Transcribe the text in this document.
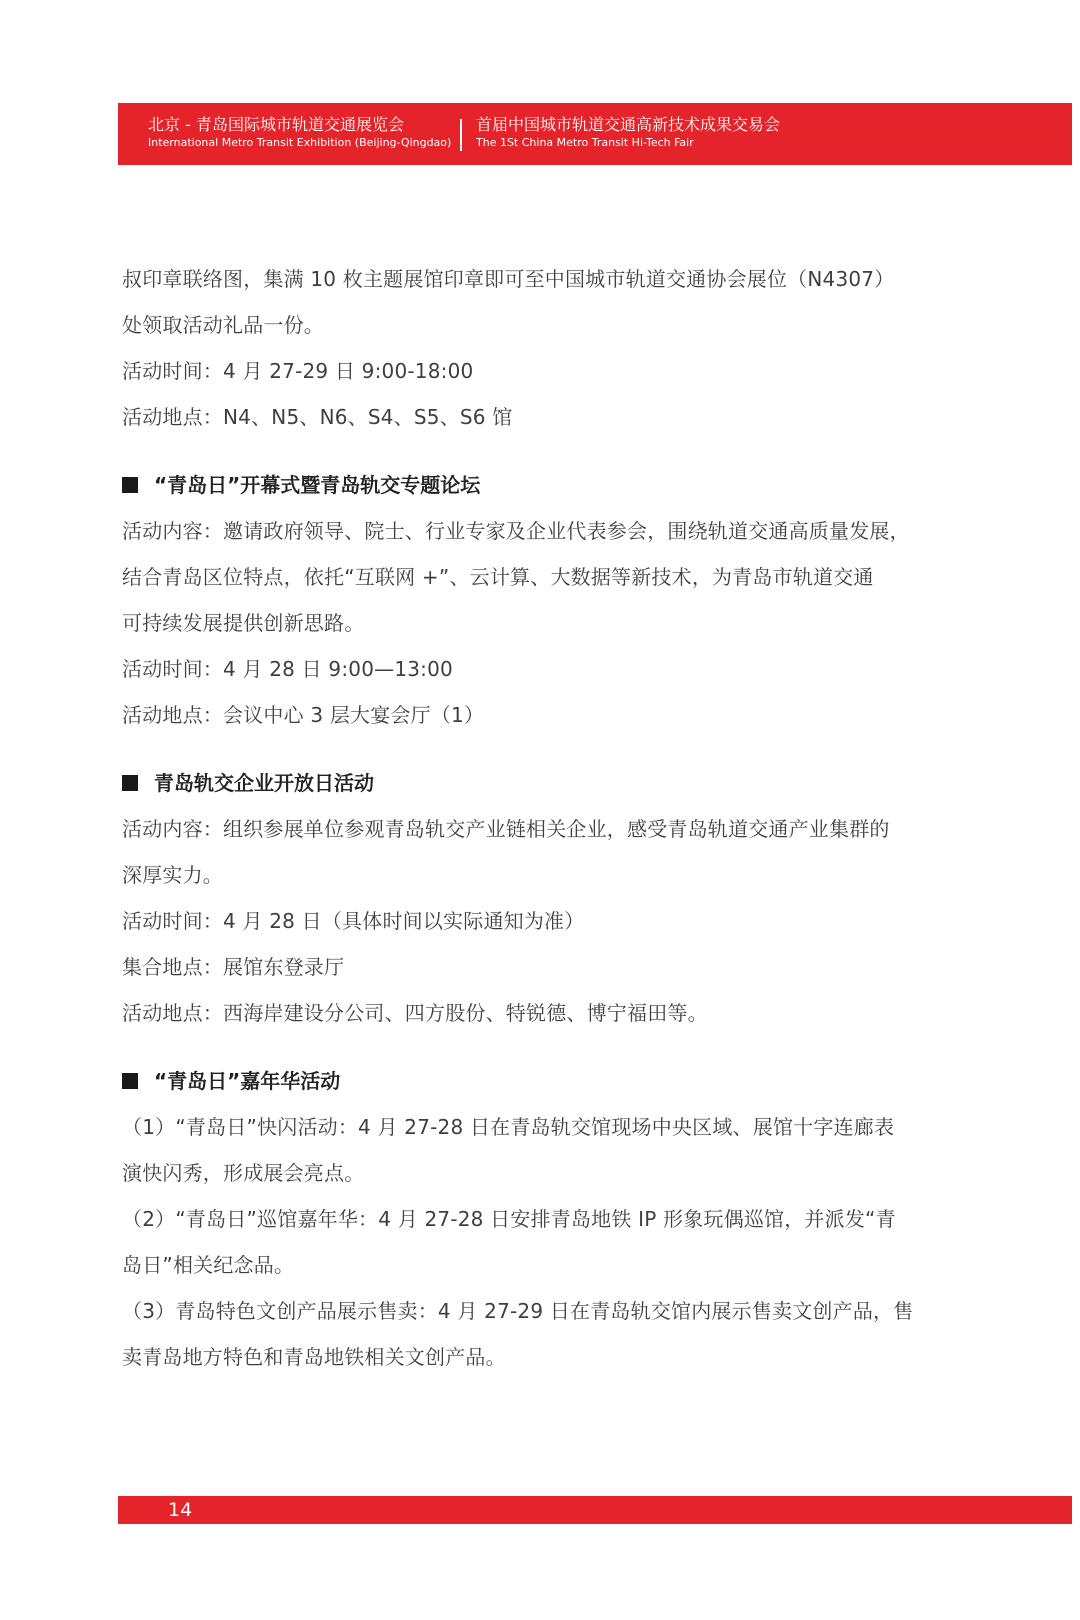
北京 - 青岛国际城市轨道交通展览会
International Metro Transit Exhibition (Beijing-Qingdao)
首届中国城市轨道交通高新技术成果交易会
The 1St China Metro Transit Hi-Tech Fair

叔印章联络图，集满 10 枚主题展馆印章即可至中国城市轨道交通协会展位（N4307）

处领取活动礼品一份。

活动时间：4 月 27-29 日 9:00-18:00

活动地点：N4、N5、N6、S4、S5、S6 馆

“青岛日”开幕式暨青岛轨交专题论坛

活动内容：邀请政府领导、院士、行业专家及企业代表参会，围绕轨道交通高质量发展，

结合青岛区位特点，依托“互联网 +”、云计算、大数据等新技术，为青岛市轨道交通

可持续发展提供创新思路。

活动时间：4 月 28 日 9:00—13:00

活动地点：会议中心 3 层大宴会厅（1）

青岛轨交企业开放日活动

活动内容：组织参展单位参观青岛轨交产业链相关企业，感受青岛轨道交通产业集群的

深厚实力。

活动时间：4 月 28 日（具体时间以实际通知为准）

集合地点：展馆东登录厅

活动地点：西海岸建设分公司、四方股份、特锐德、博宁福田等。

“青岛日”嘉年华活动

（1）“青岛日”快闪活动：4 月 27-28 日在青岛轨交馆现场中央区域、展馆十字连廊表

演快闪秀，形成展会亮点。

（2）“青岛日”巡馆嘉年华：4 月 27-28 日安排青岛地铁 IP 形象玩偶巡馆，并派发“青

岛日”相关纪念品。

（3）青岛特色文创产品展示售卖：4 月 27-29 日在青岛轨交馆内展示售卖文创产品，售

卖青岛地方特色和青岛地铁相关文创产品。

14
